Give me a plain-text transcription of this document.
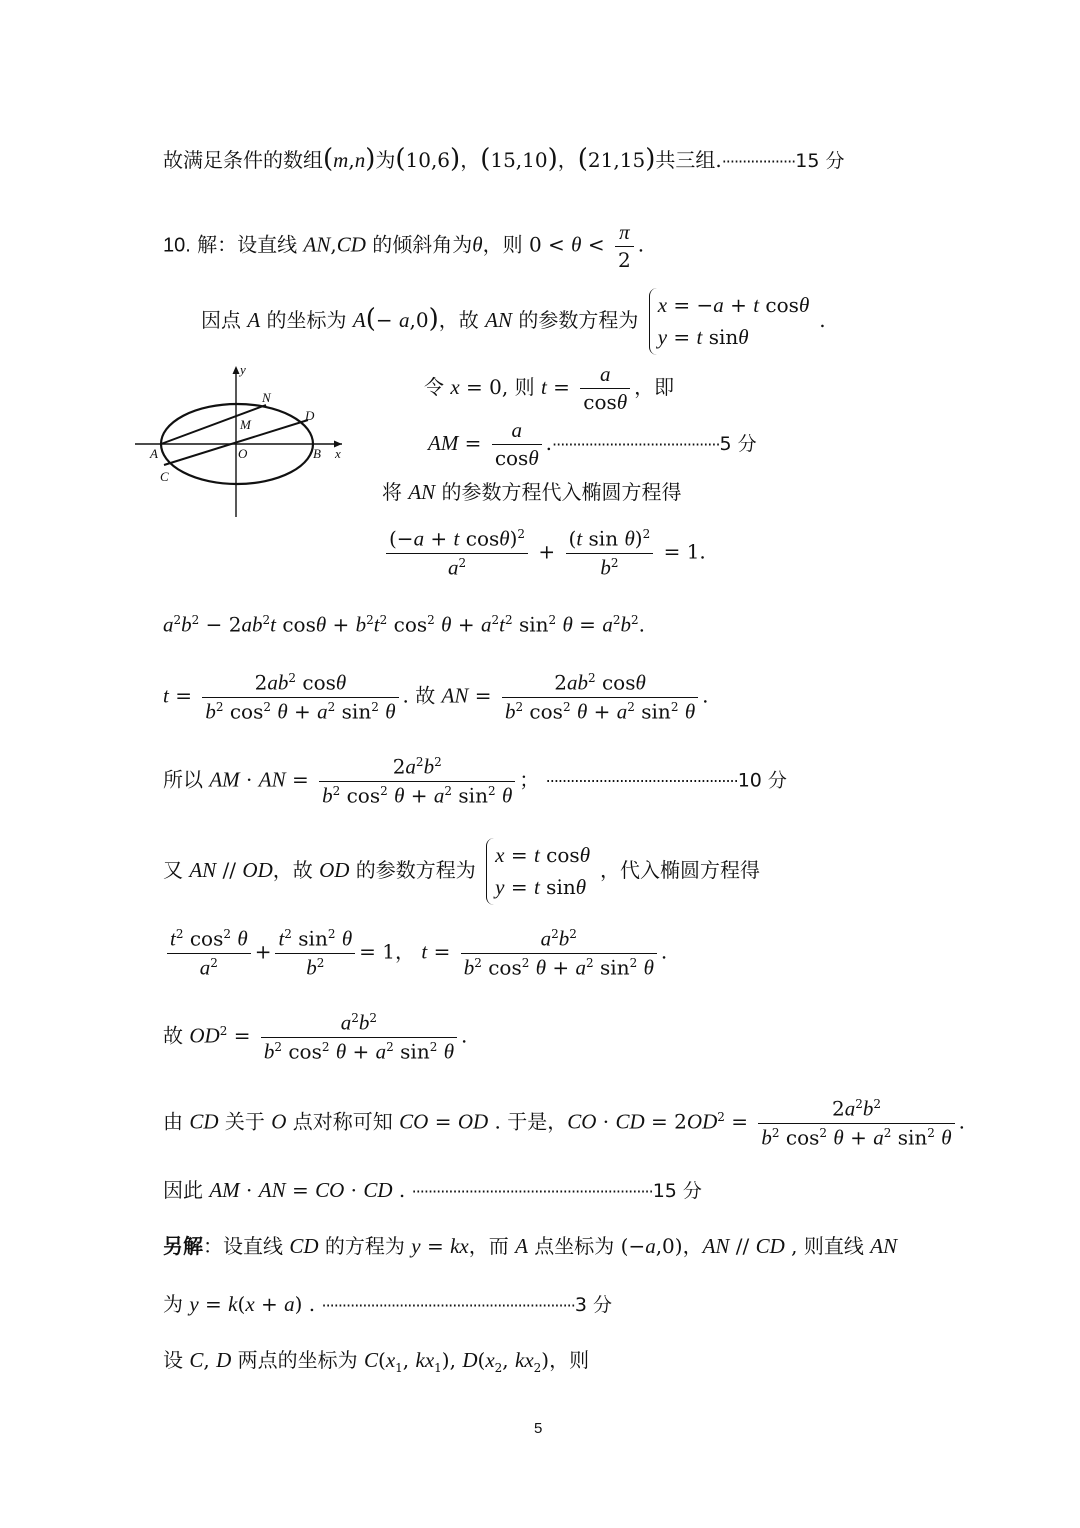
故满足条件的数组(m,n)为(10,6)，(15,10)，(21,15)共三组.··················15 分
10. 解：设直线 AN,CD 的倾斜角为θ，则 $0 < \theta < \frac{\pi}{2}$ .
因点 A 的坐标为 A(− a,0)，故 AN 的参数方程为
x = −a + t cosθ
y = t sinθ
.
y
x
N
D
M
A	O	B
C
令 x = 0, 则 $t = \frac{a}{\cos\theta}$ ，即
AM = $\frac{a}{\cos\theta} .\cdot\cdot\cdot\cdot\cdot\cdot\cdot\cdot\cdot\cdot\cdot\cdot\cdot\cdot\cdot\cdot\cdot\cdot\cdot\cdot\cdot\cdot\cdot\cdot\cdot\cdot\cdot\cdot\cdot\cdot\cdot\cdot\cdot\cdot\cdot\cdot\cdot\cdot\cdot\cdot\cdot 5$ 分
将 AN 的参数方程代入椭圆方程得
$\frac{(-a + t \cos\theta)^2}{a^2} + \frac{(t \sin \theta)^2}{b^2} = 1$.
$a^2b^2 - 2ab^2t$ $\cos\theta + b^2t^2$ $\cos^2 \theta + a^2t^2$ $\sin^2 \theta = a^2b^2$.
$t = \frac{2ab^2 \cos\theta}{b^2 \cos^2 \theta + a^2 \sin^2 \theta}$ . 故 AN = $\frac{2ab^2 \cos\theta}{b^2 \cos^2 \theta + a^2 \sin^2 \theta}$ .
所以 AM · AN = $\frac{2a^2b^2}{b^2 \cos^2 \theta + a^2 \sin^2 \theta}$ ； ···············································10 分
又 AN // OD，故 OD 的参数方程为
x = t cosθ
y = t sinθ
，代入椭圆方程得
$\frac{t^2 \cos^2 \theta}{a^2} + \frac{t^2 \sin^2 \theta}{b^2} = 1$， $t = \frac{a^2b^2}{b^2 \cos^2 \theta + a^2 \sin^2 \theta}$ .
故 $OD^2 = \frac{a^2b^2}{b^2 \cos^2 \theta + a^2 \sin^2 \theta}$ .
由 CD 关于 O 点对称可知 CO = OD . 于是，CO · CD = $2OD^2 = \frac{2a^2b^2}{b^2 \cos^2 \theta + a^2 \sin^2 \theta}$ .
因此 AM · AN = CO · CD . ···························································15 分
另解：设直线 CD 的方程为 y = kx，而 A 点坐标为 (−a,0)，AN // CD , 则直线 AN
为 y = k(x + a) . ······························································3 分
设 C, D 两点的坐标为 $C(x_1$, $kx_1$), $D(x_2$, $kx_2$)，则
5
